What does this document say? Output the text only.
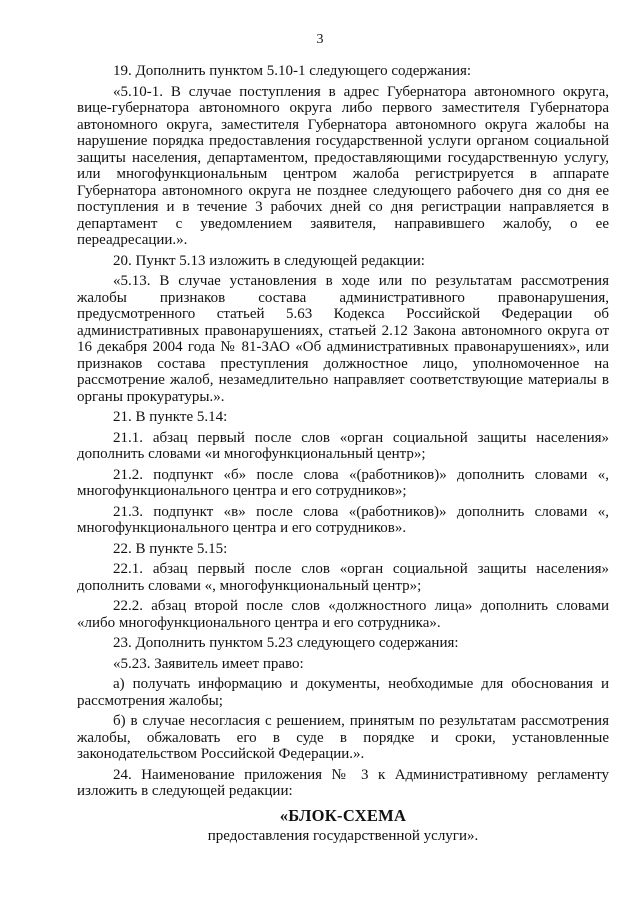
3

19. Дополнить пунктом 5.10-1 следующего содержания:

«5.10-1. В случае поступления в адрес Губернатора автономного округа, вице-губернатора автономного округа либо первого заместителя Губернатора автономного округа, заместителя Губернатора автономного округа жалобы на нарушение порядка предоставления государственной услуги органом социальной защиты населения, департаментом, предоставляющими государственную услугу, или многофункциональным центром жалоба регистрируется в аппарате Губернатора автономного округа не позднее следующего рабочего дня со дня ее поступления и в течение 3 рабочих дней со дня регистрации направляется в департамент с уведомлением заявителя, направившего жалобу, о ее переадресации.».

20. Пункт 5.13 изложить в следующей редакции:

«5.13. В случае установления в ходе или по результатам рассмотрения жалобы признаков состава административного правонарушения, предусмотренного статьей 5.63 Кодекса Российской Федерации об административных правонарушениях, статьей 2.12 Закона автономного округа от 16 декабря 2004 года № 81-ЗАО «Об административных правонарушениях», или признаков состава преступления должностное лицо, уполномоченное на рассмотрение жалоб, незамедлительно направляет соответствующие материалы в органы прокуратуры.».

21. В пункте 5.14:

21.1. абзац первый после слов «орган социальной защиты населения» дополнить словами «и многофункциональный центр»;

21.2. подпункт «б» после слова «(работников)» дополнить словами «, многофункционального центра и его сотрудников»;

21.3. подпункт «в» после слова «(работников)» дополнить словами «, многофункционального центра и его сотрудников».

22. В пункте 5.15:

22.1. абзац первый после слов «орган социальной защиты населения» дополнить словами «, многофункциональный центр»;

22.2. абзац второй после слов «должностного лица» дополнить словами «либо многофункционального центра и его сотрудника».

23. Дополнить пунктом 5.23 следующего содержания:

«5.23. Заявитель имеет право:

а) получать информацию и документы, необходимые для обоснования и рассмотрения жалобы;

б) в случае несогласия с решением, принятым по результатам рассмотрения жалобы, обжаловать его в суде в порядке и сроки, установленные законодательством Российской Федерации.».

24. Наименование приложения № 3 к Административному регламенту изложить в следующей редакции:

«БЛОК-СХЕМА

предоставления государственной услуги».
